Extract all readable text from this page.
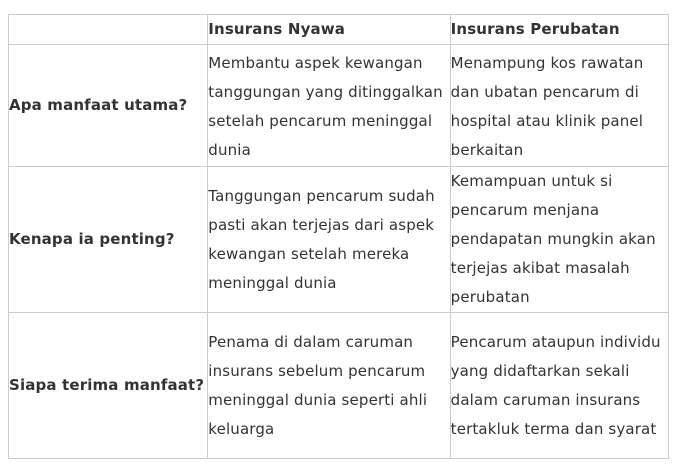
	Insurans Nyawa	Insurans Perubatan
Apa manfaat utama?	Membantu aspek kewangan tanggungan yang ditinggalkan setelah pencarum meninggal dunia	Menampung kos rawatan dan ubatan pencarum di hospital atau klinik panel berkaitan

Kenapa ia penting?	Tanggungan pencarum sudah pasti akan terjejas dari aspek kewangan setelah mereka meninggal dunia	Kemampuan untuk si pencarum menjana pendapatan mungkin akan terjejas akibat masalah perubatan

Siapa terima manfaat?	Penama di dalam caruman insurans sebelum pencarum meninggal dunia seperti ahli keluarga	Pencarum ataupun individu yang didaftarkan sekali dalam caruman insurans tertakluk terma dan syarat
